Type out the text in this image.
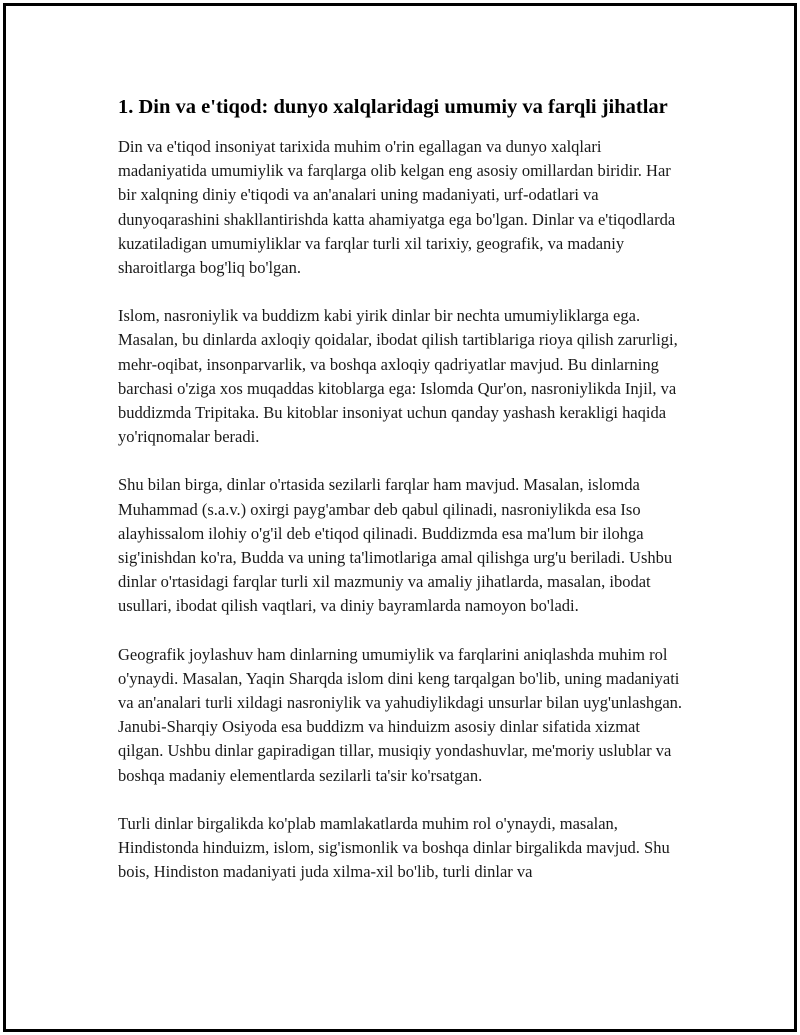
1. Din va e'tiqod: dunyo xalqlaridagi umumiy va farqli jihatlar

Din va e'tiqod insoniyat tarixida muhim o'rin egallagan va dunyo xalqlari madaniyatida umumiylik va farqlarga olib kelgan eng asosiy omillardan biridir. Har bir xalqning diniy e'tiqodi va an'analari uning madaniyati, urf-odatlari va dunyoqarashini shakllantirishda katta ahamiyatga ega bo'lgan. Dinlar va e'tiqodlarda kuzatiladigan umumiyliklar va farqlar turli xil tarixiy, geografik, va madaniy sharoitlarga bog'liq bo'lgan.

Islom, nasroniylik va buddizm kabi yirik dinlar bir nechta umumiyliklarga ega. Masalan, bu dinlarda axloqiy qoidalar, ibodat qilish tartiblariga rioya qilish zarurligi, mehr-oqibat, insonparvarlik, va boshqa axloqiy qadriyatlar mavjud. Bu dinlarning barchasi o'ziga xos muqaddas kitoblarga ega: Islomda Qur'on, nasroniylikda Injil, va buddizmda Tripitaka. Bu kitoblar insoniyat uchun qanday yashash kerakligi haqida yo'riqnomalar beradi.

Shu bilan birga, dinlar o'rtasida sezilarli farqlar ham mavjud. Masalan, islomda Muhammad (s.a.v.) oxirgi payg'ambar deb qabul qilinadi, nasroniylikda esa Iso alayhissalom ilohiy o'g'il deb e'tiqod qilinadi. Buddizmda esa ma'lum bir ilohga sig'inishdan ko'ra, Budda va uning ta'limotlariga amal qilishga urg'u beriladi. Ushbu dinlar o'rtasidagi farqlar turli xil mazmuniy va amaliy jihatlarda, masalan, ibodat usullari, ibodat qilish vaqtlari, va diniy bayramlarda namoyon bo'ladi.

Geografik joylashuv ham dinlarning umumiylik va farqlarini aniqlashda muhim rol o'ynaydi. Masalan, Yaqin Sharqda islom dini keng tarqalgan bo'lib, uning madaniyati va an'analari turli xildagi nasroniylik va yahudiylikdagi unsurlar bilan uyg'unlashgan. Janubi-Sharqiy Osiyoda esa buddizm va hinduizm asosiy dinlar sifatida xizmat qilgan. Ushbu dinlar gapiradigan tillar, musiqiy yondashuvlar, me'moriy uslublar va boshqa madaniy elementlarda sezilarli ta'sir ko'rsatgan.

Turli dinlar birgalikda ko'plab mamlakatlarda muhim rol o'ynaydi, masalan, Hindistonda hinduizm, islom, sig'ismonlik va boshqa dinlar birgalikda mavjud. Shu bois, Hindiston madaniyati juda xilma-xil bo'lib, turli dinlar va
